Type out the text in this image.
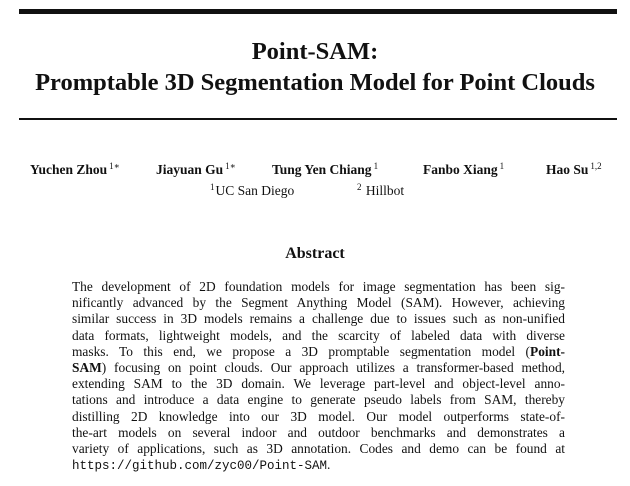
Point-SAM:
Promptable 3D Segmentation Model for Point Clouds
Yuchen Zhou $^{1∗}$	Jiayuan Gu $^{1∗}$	Tung Yen Chiang $^1$	Fanbo Xiang $^1$	Hao Su $^{1,2}$
$^1$UC San Diego	$^2$ Hillbot
Abstract
The development of 2D foundation models for image segmentation has been sig-
nificantly advanced by the Segment Anything Model (SAM). However, achieving
similar success in 3D models remains a challenge due to issues such as non-unified
data formats, lightweight models, and the scarcity of labeled data with diverse
masks. To this end, we propose a 3D promptable segmentation model (Point-
SAM) focusing on point clouds. Our approach utilizes a transformer-based method,
extending SAM to the 3D domain. We leverage part-level and object-level anno-
tations and introduce a data engine to generate pseudo labels from SAM, thereby
distilling 2D knowledge into our 3D model. Our model outperforms state-of-
the-art models on several indoor and outdoor benchmarks and demonstrates a
variety of applications, such as 3D annotation. Codes and demo can be found at
https://github.com/zyc00/Point-SAM.
